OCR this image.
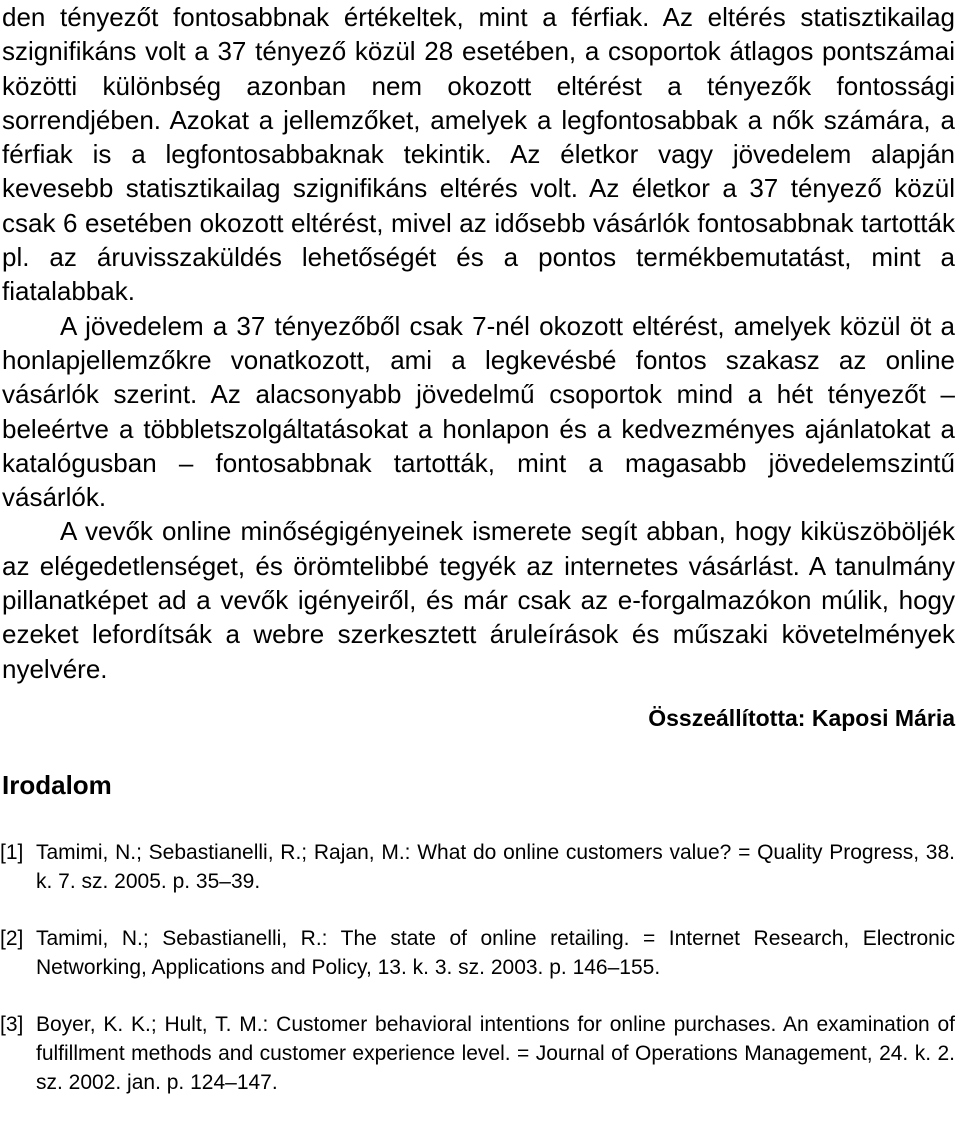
den tényezőt fontosabbnak értékeltek, mint a férfiak. Az eltérés statisztikailag szignifikáns volt a 37 tényező közül 28 esetében, a csoportok átlagos pontszámai közötti különbség azonban nem okozott eltérést a tényezők fontossági sorrendjében. Azokat a jellemzőket, amelyek a legfontosabbak a nők számára, a férfiak is a legfontosabbaknak tekintik. Az életkor vagy jövedelem alapján kevesebb statisztikailag szignifikáns eltérés volt. Az életkor a 37 tényező közül csak 6 esetében okozott eltérést, mivel az idősebb vásárlók fontosabbnak tartották pl. az áruvisszaküldés lehetőségét és a pontos termékbemutatást, mint a fiatalabbak.

A jövedelem a 37 tényezőből csak 7-nél okozott eltérést, amelyek közül öt a honlapjellemzőkre vonatkozott, ami a legkevésbé fontos szakasz az online vásárlók szerint. Az alacsonyabb jövedelmű csoportok mind a hét tényezőt – beleértve a többletszolgáltatásokat a honlapon és a kedvezményes ajánlatokat a katalógusban – fontosabbnak tartották, mint a magasabb jövedelemszintű vásárlók.

A vevők online minőségigényeinek ismerete segít abban, hogy kiküszöböljék az elégedetlenséget, és örömtelibbé tegyék az internetes vásárlást. A tanulmány pillanatképet ad a vevők igényeiről, és már csak az e-forgalmazókon múlik, hogy ezeket lefordítsák a webre szerkesztett áruleírások és műszaki követelmények nyelvére.

Összeállította: Kaposi Mária
Irodalom
[1] Tamimi, N.; Sebastianelli, R.; Rajan, M.: What do online customers value? = Quality Progress, 38. k. 7. sz. 2005. p. 35–39.
[2] Tamimi, N.; Sebastianelli, R.: The state of online retailing. = Internet Research, Electronic Networking, Applications and Policy, 13. k. 3. sz. 2003. p. 146–155.
[3] Boyer, K. K.; Hult, T. M.: Customer behavioral intentions for online purchases. An examination of fulfillment methods and customer experience level. = Journal of Operations Management, 24. k. 2. sz. 2002. jan. p. 124–147.
